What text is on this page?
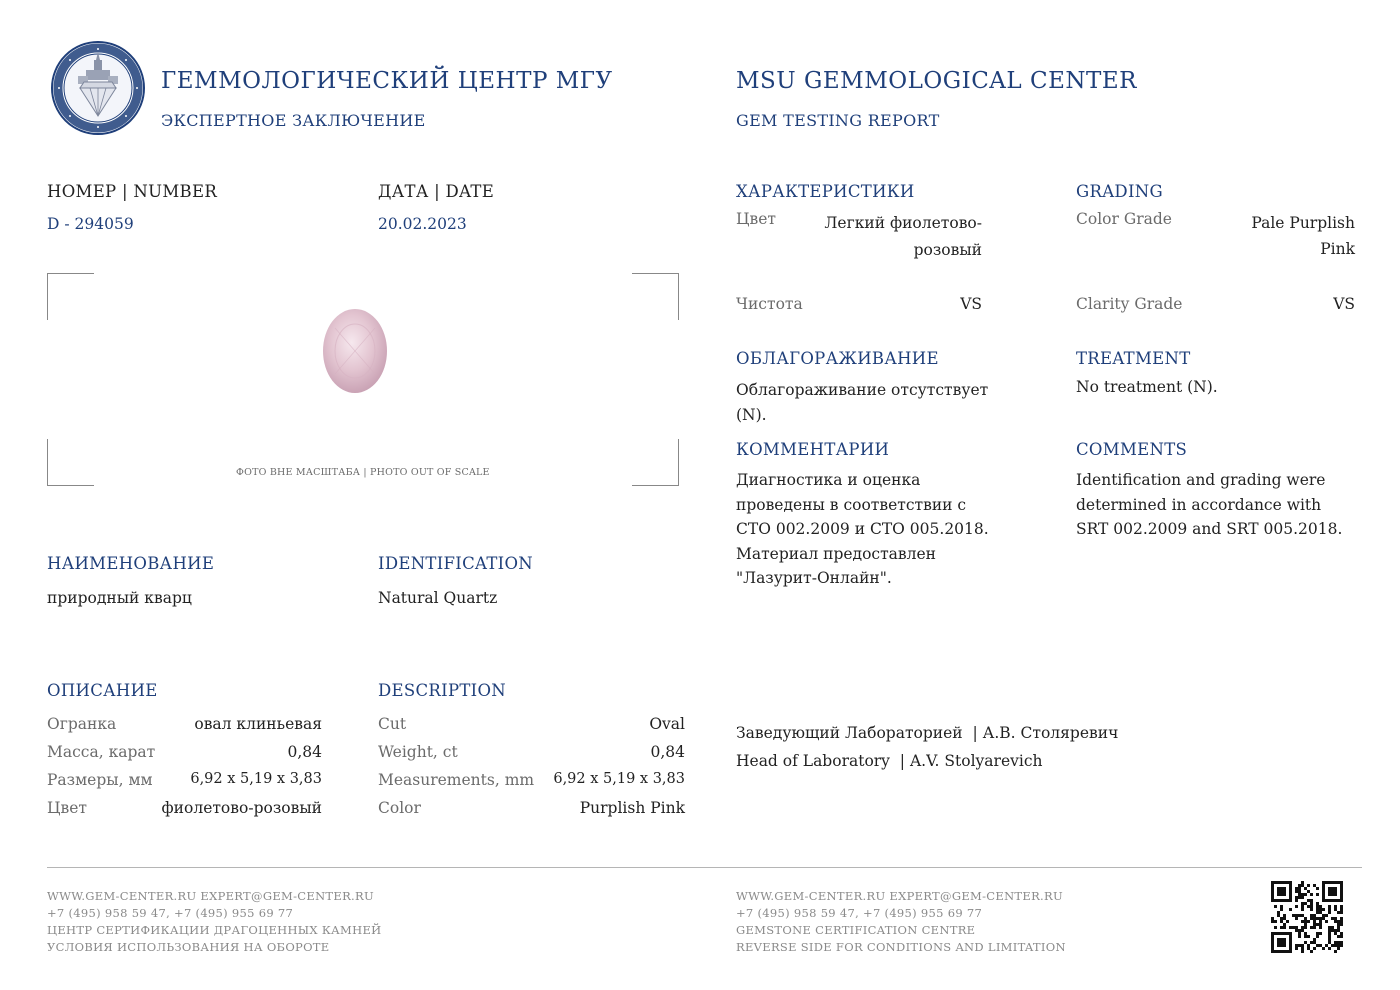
ГЕММОЛОГИЧЕСКИЙ ЦЕНТР МГУ
ЭКСПЕРТНОЕ ЗАКЛЮЧЕНИЕ
MSU GEMMOLOGICAL CENTER
GEM TESTING REPORT
НОМЕР | NUMBER
D - 294059
ДАТА | DATE
20.02.2023
ФОТО ВНЕ МАСШТАБА | PHOTO OUT OF SCALE
НАИМЕНОВАНИЕ
природный кварц
IDENTIFICATION
Natural Quartz
ОПИСАНИЕ	DESCRIPTION
Огранка	овал клиньевая
Масса, карат	0,84
Размеры, мм	6,92 х 5,19 х 3,83
Цвет	фиолетово-розовый
Cut	Oval
Weight, ct	0,84
Measurements, mm 6,92 x 5,19 x 3,83
Color	Purplish Pink
ХАРАКТЕРИСТИКИ	GRADING
Цвет	Легкий фиолетово-
розовый
Color Grade	Pale Purplish
Pink
Чистота	VS	Clarity Grade	VS
ОБЛАГОРАЖИВАНИЕ
Облагораживание отсутствует
(N).
TREATMENT
No treatment (N).
КОММЕНТАРИИ
Диагностика и оценка
проведены в соответствии с
СТО 002.2009 и СТО 005.2018.
Материал предоставлен
"Лазурит-Онлайн".
COMMENTS
Identification and grading were
determined in accordance with
SRT 002.2009 and SRT 005.2018.
Заведующий Лабораторией  | А.В. Столяревич
Head of Laboratory  | A.V. Stolyarevich
WWW.GEM-CENTER.RU EXPERT@GEM-CENTER.RU
+7 (495) 958 59 47, +7 (495) 955 69 77
ЦЕНТР СЕРТИФИКАЦИИ ДРАГОЦЕННЫХ КАМНЕЙ
УСЛОВИЯ ИСПОЛЬЗОВАНИЯ НА ОБОРОТЕ
WWW.GEM-CENTER.RU EXPERT@GEM-CENTER.RU
+7 (495) 958 59 47, +7 (495) 955 69 77
GEMSTONE CERTIFICATION CENTRE
REVERSE SIDE FOR CONDITIONS AND LIMITATION
